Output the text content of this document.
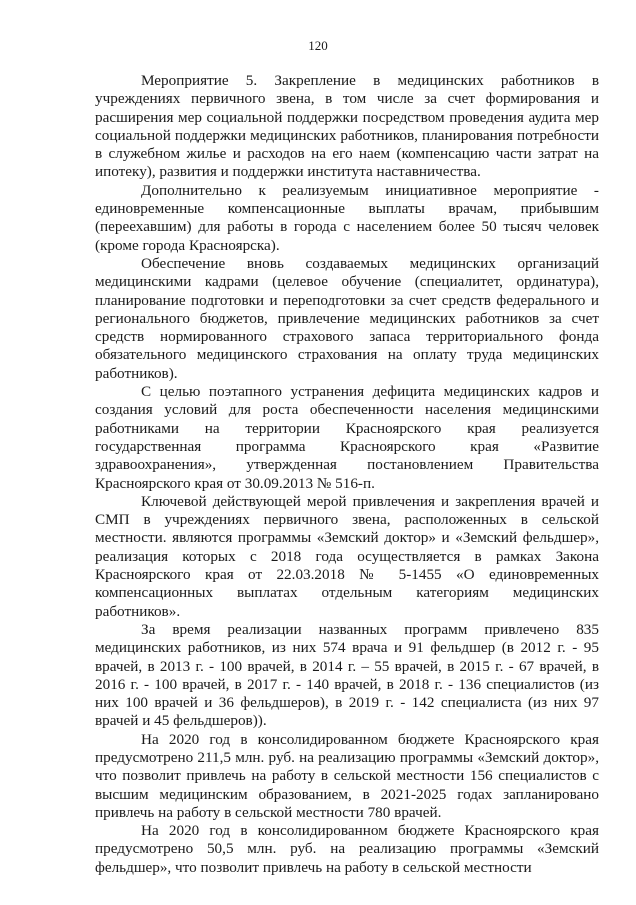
120

Мероприятие 5. Закрепление в медицинских работников в учреждениях первичного звена, в том числе за счет формирования и расширения мер социальной поддержки посредством проведения аудита мер социальной поддержки медицинских работников, планирования потребности в служебном жилье и расходов на его наем (компенсацию части затрат на ипотеку), развития и поддержки института наставничества.

Дополнительно к реализуемым инициативное мероприятие - единовременные компенсационные выплаты врачам, прибывшим (переехавшим) для работы в города с населением более 50 тысяч человек (кроме города Красноярска).

Обеспечение вновь создаваемых медицинских организаций медицинскими кадрами (целевое обучение (специалитет, ординатура), планирование подготовки и переподготовки за счет средств федерального и регионального бюджетов, привлечение медицинских работников за счет средств нормированного страхового запаса территориального фонда обязательного медицинского страхования на оплату труда медицинских работников).

С целью поэтапного устранения дефицита медицинских кадров и создания условий для роста обеспеченности населения медицинскими работниками на территории Красноярского края реализуется государственная программа Красноярского края «Развитие здравоохранения», утвержденная постановлением Правительства Красноярского края от 30.09.2013 № 516-п.

Ключевой действующей мерой привлечения и закрепления врачей и СМП в учреждениях первичного звена, расположенных в сельской местности. являются программы «Земский доктор» и «Земский фельдшер», реализация которых с 2018 года осуществляется в рамках Закона Красноярского края от 22.03.2018 № 5-1455 «О единовременных компенсационных выплатах отдельным категориям медицинских работников».

За время реализации названных программ привлечено 835 медицинских работников, из них 574 врача и 91 фельдшер (в 2012 г. - 95 врачей, в 2013 г. - 100 врачей, в 2014 г. – 55 врачей, в 2015 г. - 67 врачей, в 2016 г. - 100 врачей, в 2017 г. - 140 врачей, в 2018 г. - 136 специалистов (из них 100 врачей и 36 фельдшеров), в 2019 г. - 142 специалиста (из них 97 врачей и 45 фельдшеров)).

На 2020 год в консолидированном бюджете Красноярского края предусмотрено 211,5 млн. руб. на реализацию программы «Земский доктор», что позволит привлечь на работу в сельской местности 156 специалистов с высшим медицинским образованием, в 2021-2025 годах запланировано привлечь на работу в сельской местности 780 врачей.

На 2020 год в консолидированном бюджете Красноярского края предусмотрено 50,5 млн. руб. на реализацию программы «Земский фельдшер», что позволит привлечь на работу в сельской местности
